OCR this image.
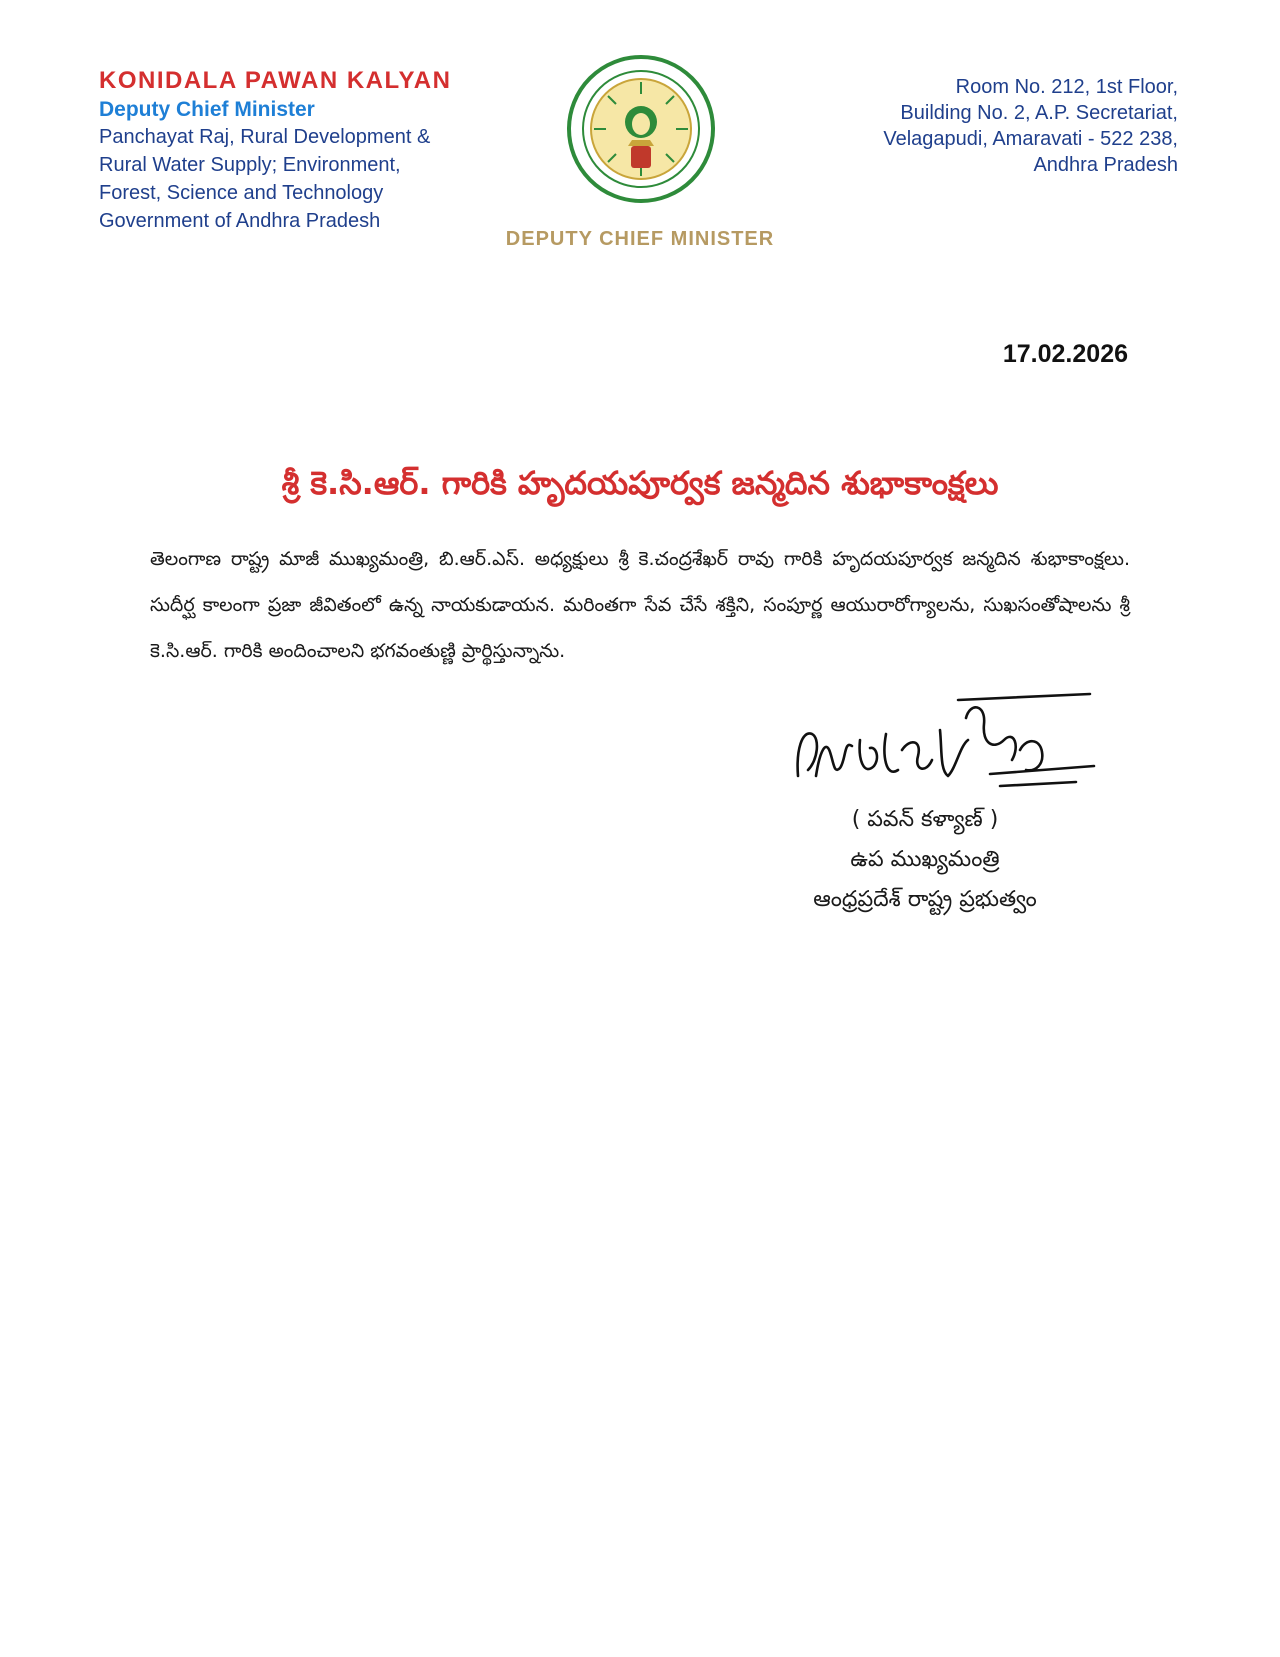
KONIDALA PAWAN KALYAN
Deputy Chief Minister
Panchayat Raj, Rural Development &
Rural Water Supply; Environment,
Forest, Science and Technology
Government of Andhra Pradesh
DEPUTY CHIEF MINISTER
Room No. 212, 1st Floor,
Building No. 2, A.P. Secretariat,
Velagapudi, Amaravati - 522 238,
Andhra Pradesh
17.02.2026
శ్రీ కె.సి.ఆర్. గారికి హృదయపూర్వక జన్మదిన శుభాకాంక్షలు
తెలంగాణ రాష్ట్ర మాజీ ముఖ్యమంత్రి, బి.ఆర్.ఎస్. అధ్యక్షులు శ్రీ కె.చంద్రశేఖర్ రావు గారికి హృదయపూర్వక జన్మదిన శుభాకాంక్షలు. సుదీర్ఘ కాలంగా ప్రజా జీవితంలో ఉన్న నాయకుడాయన. మరింతగా సేవ చేసే శక్తిని, సంపూర్ణ ఆయురారోగ్యాలను, సుఖసంతోషాలను శ్రీ కె.సి.ఆర్. గారికి అందించాలని భగవంతుణ్ణి ప్రార్థిస్తున్నాను.
( పవన్ కళ్యాణ్ )
ఉప ముఖ్యమంత్రి
ఆంధ్రప్రదేశ్ రాష్ట్ర ప్రభుత్వం
